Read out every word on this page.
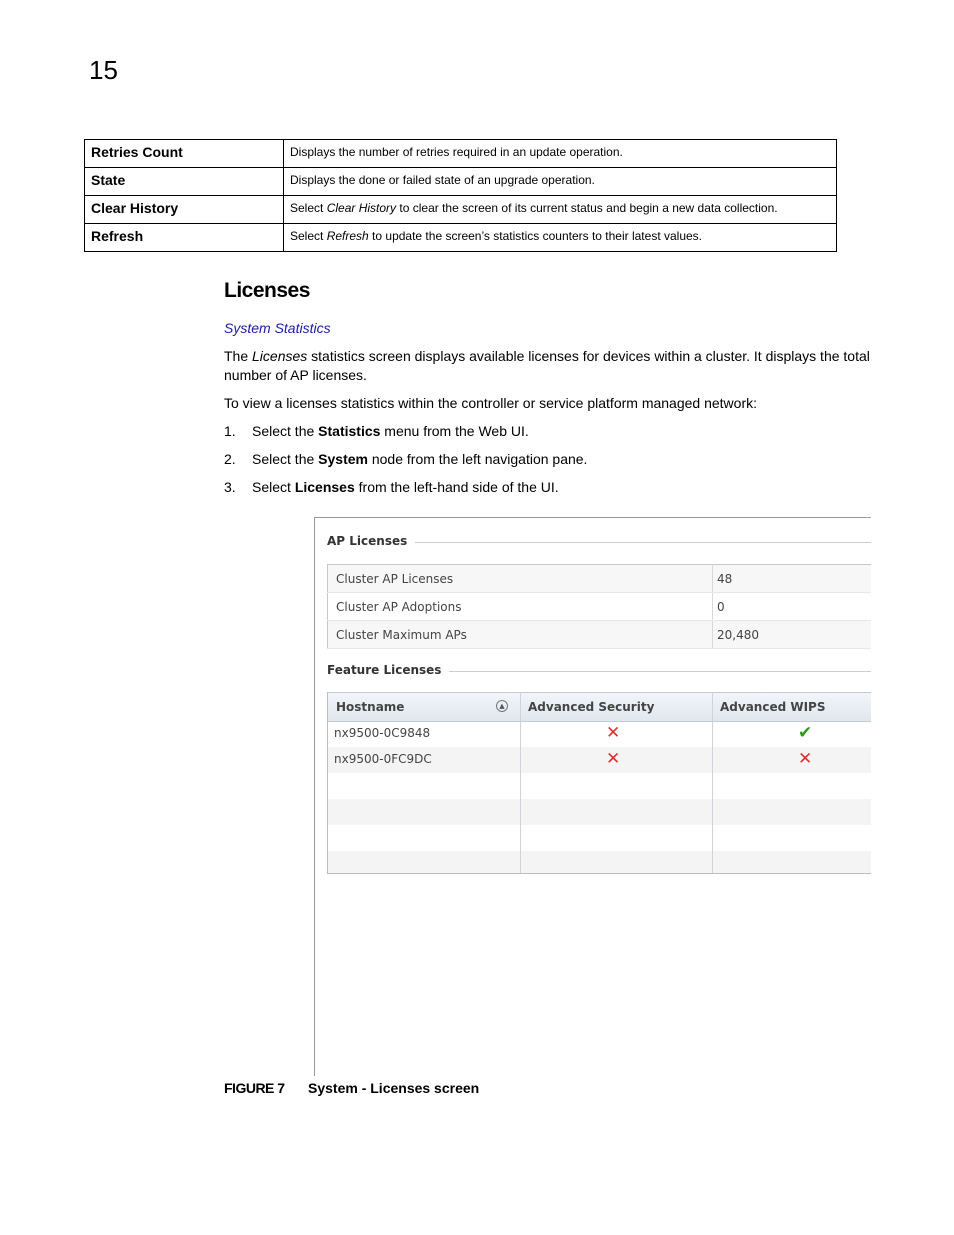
15
Retries Count	Displays the number of retries required in an update operation.

State	Displays the done or failed state of an upgrade operation.

Clear History	Select Clear History to clear the screen of its current status and begin a new data collection.

Refresh	Select Refresh to update the screen’s statistics counters to their latest values.
Licenses
System Statistics
The Licenses statistics screen displays available licenses for devices within a cluster. It displays the total number of AP licenses.
To view a licenses statistics within the controller or service platform managed network:
1. Select the Statistics menu from the Web UI.
2. Select the System node from the left navigation pane.
3. Select Licenses from the left-hand side of the UI.
AP Licenses
Cluster AP Licenses	48
Cluster AP Adoptions	0
Cluster Maximum APs	20,480
Feature Licenses
Hostname	▲	Advanced Security	Advanced WIPS
nx9500-0C9848	✕	✔
nx9500-0FC9DC	✕	✕
FIGURE 7 System - Licenses screen
